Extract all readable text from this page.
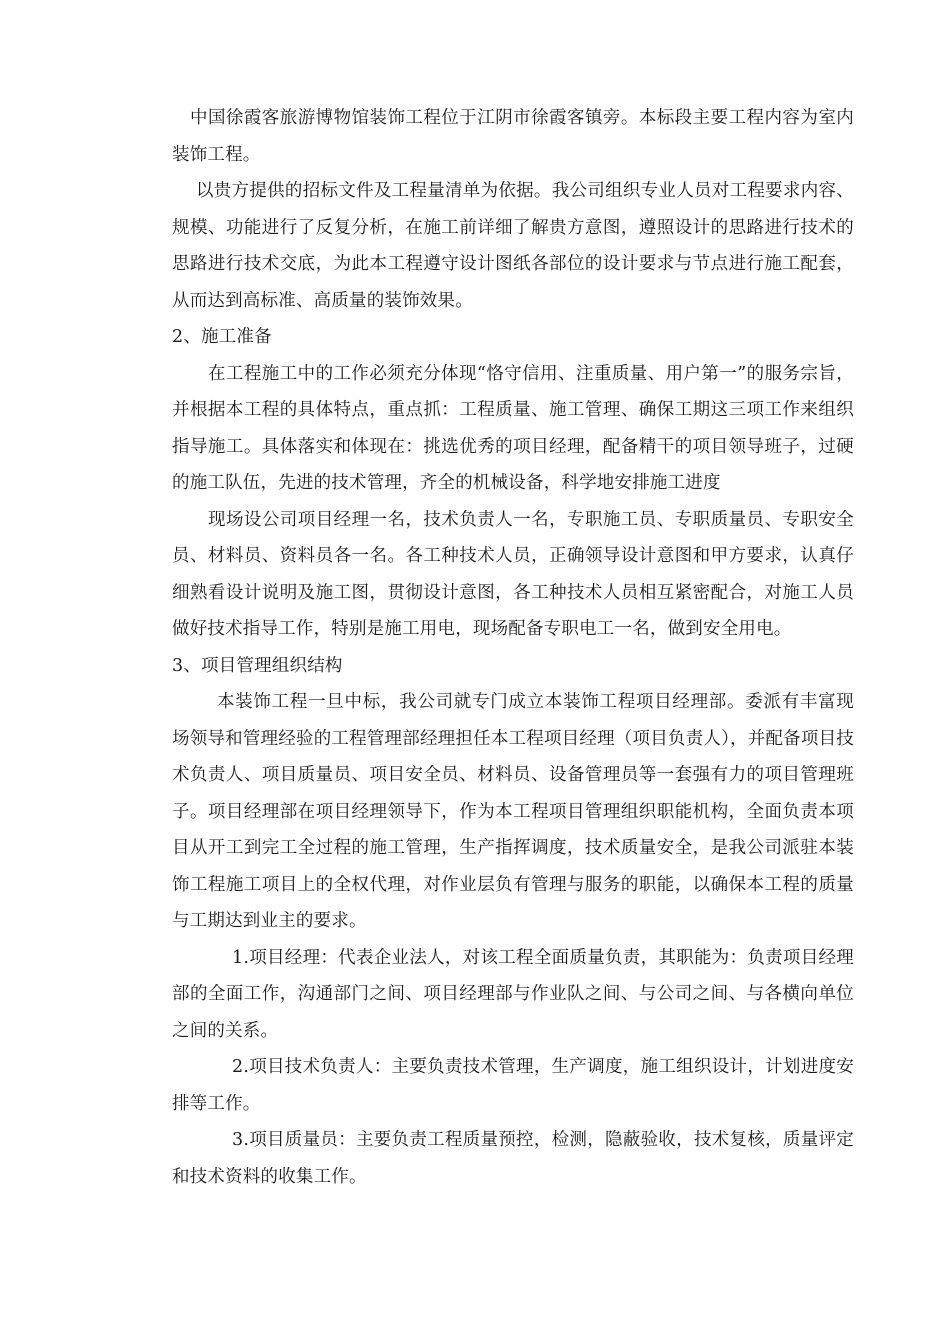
中国徐霞客旅游博物馆装饰工程位于江阴市徐霞客镇旁。本标段主要工程内容为室内装饰工程。

以贵方提供的招标文件及工程量清单为依据。我公司组织专业人员对工程要求内容、规模、功能进行了反复分析，在施工前详细了解贵方意图，遵照设计的思路进行技术的思路进行技术交底，为此本工程遵守设计图纸各部位的设计要求与节点进行施工配套，从而达到高标准、高质量的装饰效果。

2、施工准备

在工程施工中的工作必须充分体现“恪守信用、注重质量、用户第一”的服务宗旨，并根据本工程的具体特点，重点抓：工程质量、施工管理、确保工期这三项工作来组织指导施工。具体落实和体现在：挑选优秀的项目经理，配备精干的项目领导班子，过硬的施工队伍，先进的技术管理，齐全的机械设备，科学地安排施工进度

现场设公司项目经理一名，技术负责人一名，专职施工员、专职质量员、专职安全员、材料员、资料员各一名。各工种技术人员，正确领导设计意图和甲方要求，认真仔细熟看设计说明及施工图，贯彻设计意图，各工种技术人员相互紧密配合，对施工人员做好技术指导工作，特别是施工用电，现场配备专职电工一名，做到安全用电。

3、项目管理组织结构

本装饰工程一旦中标，我公司就专门成立本装饰工程项目经理部。委派有丰富现场领导和管理经验的工程管理部经理担任本工程项目经理（项目负责人），并配备项目技术负责人、项目质量员、项目安全员、材料员、设备管理员等一套强有力的项目管理班子。项目经理部在项目经理领导下，作为本工程项目管理组织职能机构，全面负责本项目从开工到完工全过程的施工管理，生产指挥调度，技术质量安全，是我公司派驻本装饰工程施工项目上的全权代理，对作业层负有管理与服务的职能，以确保本工程的质量与工期达到业主的要求。

1.项目经理：代表企业法人，对该工程全面质量负责，其职能为：负责项目经理部的全面工作，沟通部门之间、项目经理部与作业队之间、与公司之间、与各横向单位之间的关系。

2.项目技术负责人：主要负责技术管理，生产调度，施工组织设计，计划进度安排等工作。

3.项目质量员：主要负责工程质量预控，检测，隐蔽验收，技术复核，质量评定和技术资料的收集工作。
